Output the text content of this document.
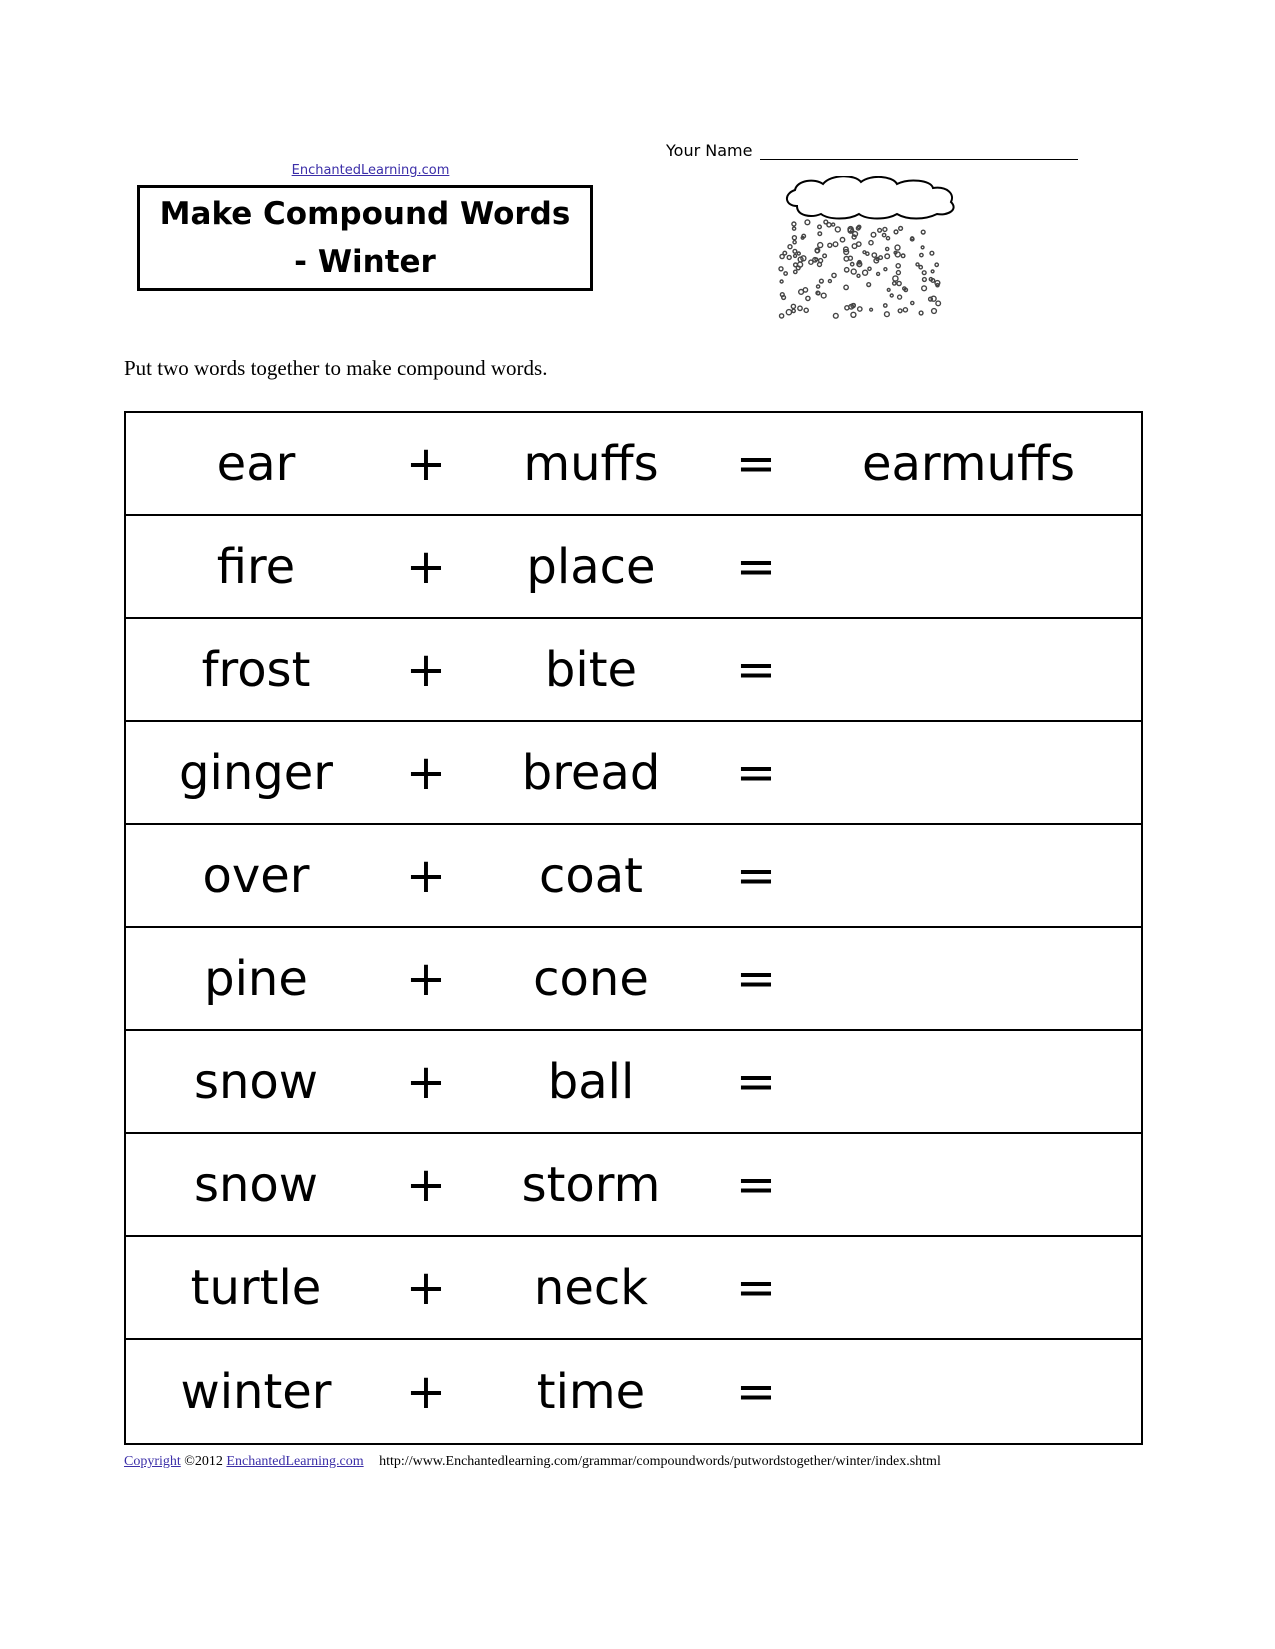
EnchantedLearning.com
Make Compound Words - Winter
Your Name
Put two words together to make compound words.
ear	+	muffs	=	earmuffs
fire	+	place	=
frost	+	bite	=
ginger	+	bread	=
over	+	coat	=
pine	+	cone	=
snow	+	ball	=
snow	+	storm	=
turtle	+	neck	=
winter	+	time	=
Copyright ©2012 EnchantedLearning.com http://www.Enchantedlearning.com/grammar/compoundwords/putwordstogether/winter/index.shtml
